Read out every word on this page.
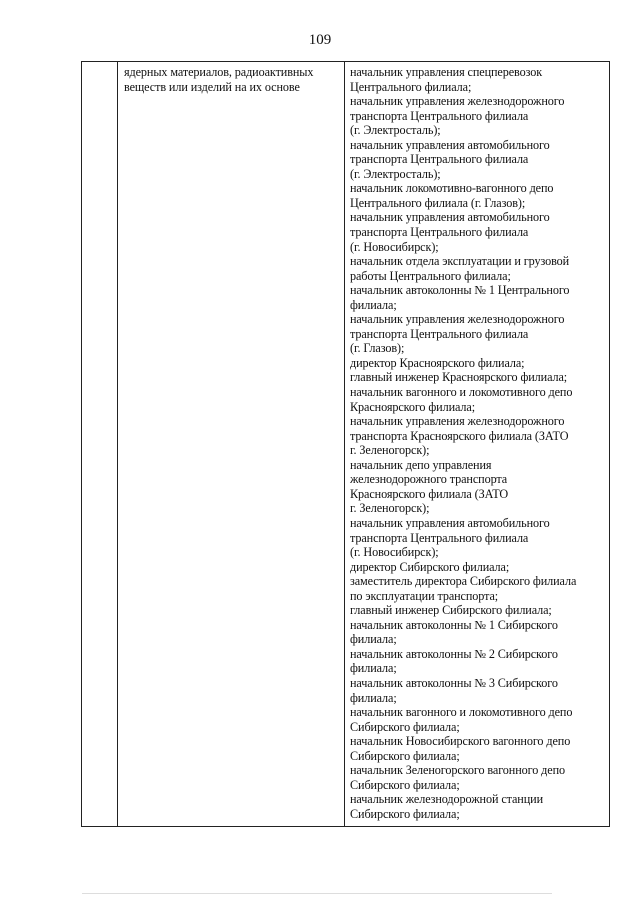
109
ядерных материалов, радиоактивных
веществ или изделий на их основе
начальник управления спецперевозок
Центрального филиала;
начальник управления железнодорожного
транспорта Центрального филиала
(г. Электросталь);
начальник управления автомобильного
транспорта Центрального филиала
(г. Электросталь);
начальник локомотивно-вагонного депо
Центрального филиала (г. Глазов);
начальник управления автомобильного
транспорта Центрального филиала
(г. Новосибирск);
начальник отдела эксплуатации и грузовой
работы Центрального филиала;
начальник автоколонны № 1 Центрального
филиала;
начальник управления железнодорожного
транспорта Центрального филиала
(г. Глазов);
директор Красноярского филиала;
главный инженер Красноярского филиала;
начальник вагонного и локомотивного депо
Красноярского филиала;
начальник управления железнодорожного
транспорта Красноярского филиала (ЗАТО
г. Зеленогорск);
начальник депо управления
железнодорожного транспорта
Красноярского филиала (ЗАТО
г. Зеленогорск);
начальник управления автомобильного
транспорта Центрального филиала
(г. Новосибирск);
директор Сибирского филиала;
заместитель директора Сибирского филиала
по эксплуатации транспорта;
главный инженер Сибирского филиала;
начальник автоколонны № 1 Сибирского
филиала;
начальник автоколонны № 2 Сибирского
филиала;
начальник автоколонны № 3 Сибирского
филиала;
начальник вагонного и локомотивного депо
Сибирского филиала;
начальник Новосибирского вагонного депо
Сибирского филиала;
начальник Зеленогорского вагонного депо
Сибирского филиала;
начальник железнодорожной станции
Сибирского филиала;
